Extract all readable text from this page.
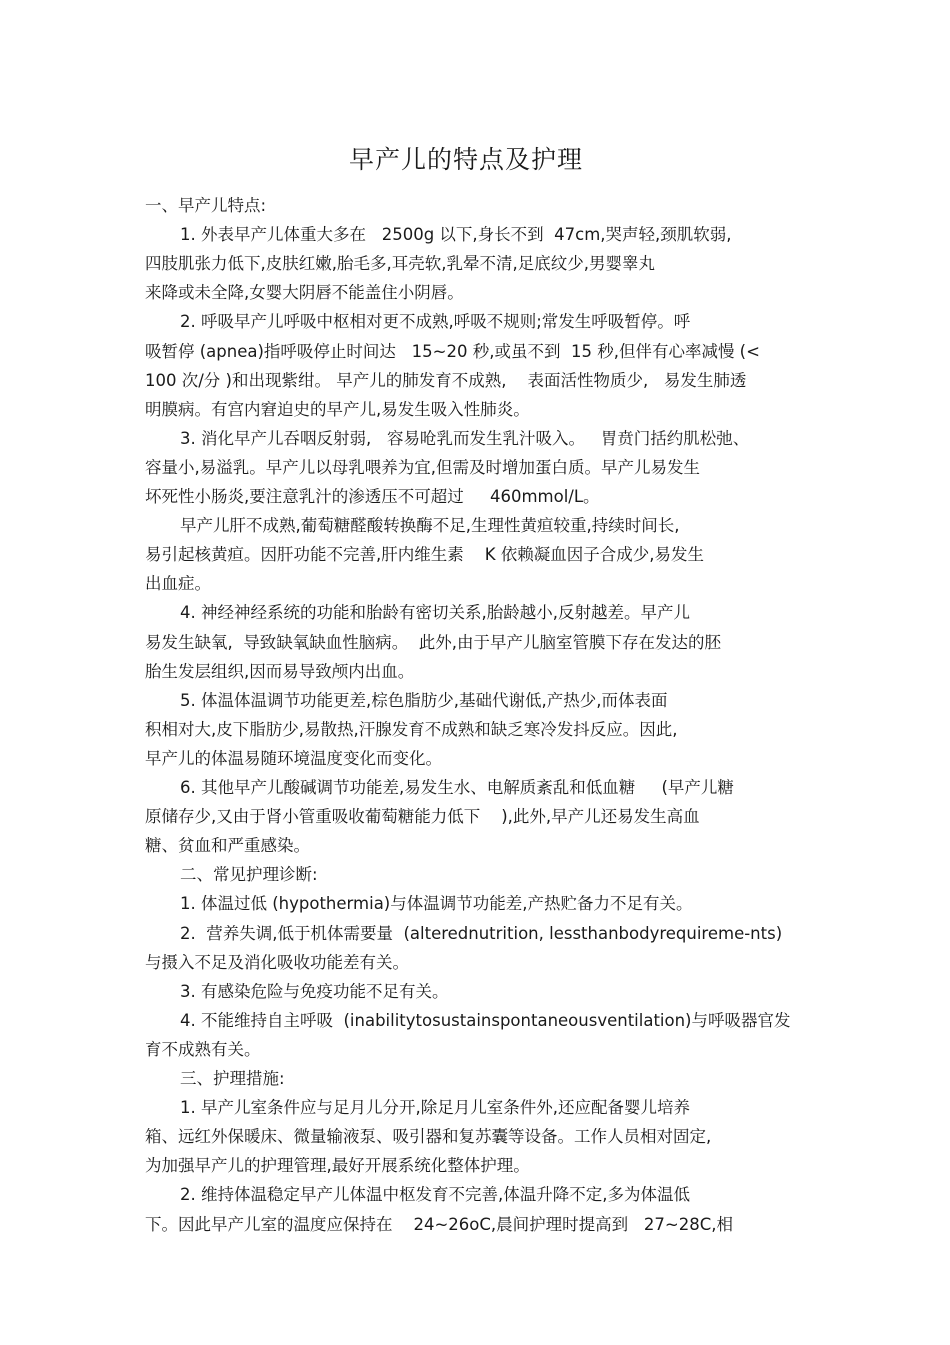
早产儿的特点及护理
一、早产儿特点:
1. 外表早产儿体重大多在   2500g 以下,身长不到  47cm,哭声轻,颈肌软弱,
四肢肌张力低下,皮肤红嫩,胎毛多,耳壳软,乳晕不清,足底纹少,男婴睾丸
来降或未全降,女婴大阴唇不能盖住小阴唇。
2. 呼吸早产儿呼吸中枢相对更不成熟,呼吸不规则;常发生呼吸暂停。呼
吸暂停 (apnea)指呼吸停止时间达   15~20 秒,或虽不到  15 秒,但伴有心率减慢 (<
100 次/分 )和出现紫绀。 早产儿的肺发育不成熟,    表面活性物质少,   易发生肺透
明膜病。有宫内窘迫史的早产儿,易发生吸入性肺炎。
3. 消化早产儿吞咽反射弱,   容易呛乳而发生乳汁吸入。   胃贲门括约肌松弛、
容量小,易溢乳。早产儿以母乳喂养为宜,但需及时增加蛋白质。早产儿易发生
坏死性小肠炎,要注意乳汁的渗透压不可超过     460mmol/L。
早产儿肝不成熟,葡萄糖醛酸转换酶不足,生理性黄疸较重,持续时间长,
易引起核黄疸。因肝功能不完善,肝内维生素    K 依赖凝血因子合成少,易发生
出血症。
4. 神经神经系统的功能和胎龄有密切关系,胎龄越小,反射越差。早产儿
易发生缺氧,  导致缺氧缺血性脑病。  此外,由于早产儿脑室管膜下存在发达的胚
胎生发层组织,因而易导致颅内出血。
5. 体温体温调节功能更差,棕色脂肪少,基础代谢低,产热少,而体表面
积相对大,皮下脂肪少,易散热,汗腺发育不成熟和缺乏寒冷发抖反应。因此,
早产儿的体温易随环境温度变化而变化。
6. 其他早产儿酸碱调节功能差,易发生水、电解质紊乱和低血糖     (早产儿糖
原储存少,又由于肾小管重吸收葡萄糖能力低下    ),此外,早产儿还易发生高血
糖、贫血和严重感染。
二、常见护理诊断:
1. 体温过低 (hypothermia)与体温调节功能差,产热贮备力不足有关。
2.  营养失调,低于机体需要量  (alterednutrition, lessthanbodyrequireme-nts)
与摄入不足及消化吸收功能差有关。
3. 有感染危险与免疫功能不足有关。
4. 不能维持自主呼吸  (inabilitytosustainspontaneousventilation)与呼吸器官发
育不成熟有关。
三、护理措施:
1. 早产儿室条件应与足月儿分开,除足月儿室条件外,还应配备婴儿培养
箱、远红外保暖床、微量输液泵、吸引器和复苏囊等设备。工作人员相对固定,
为加强早产儿的护理管理,最好开展系统化整体护理。
2. 维持体温稳定早产儿体温中枢发育不完善,体温升降不定,多为体温低
下。因此早产儿室的温度应保持在    24~26oC,晨间护理时提高到   27~28C,相
